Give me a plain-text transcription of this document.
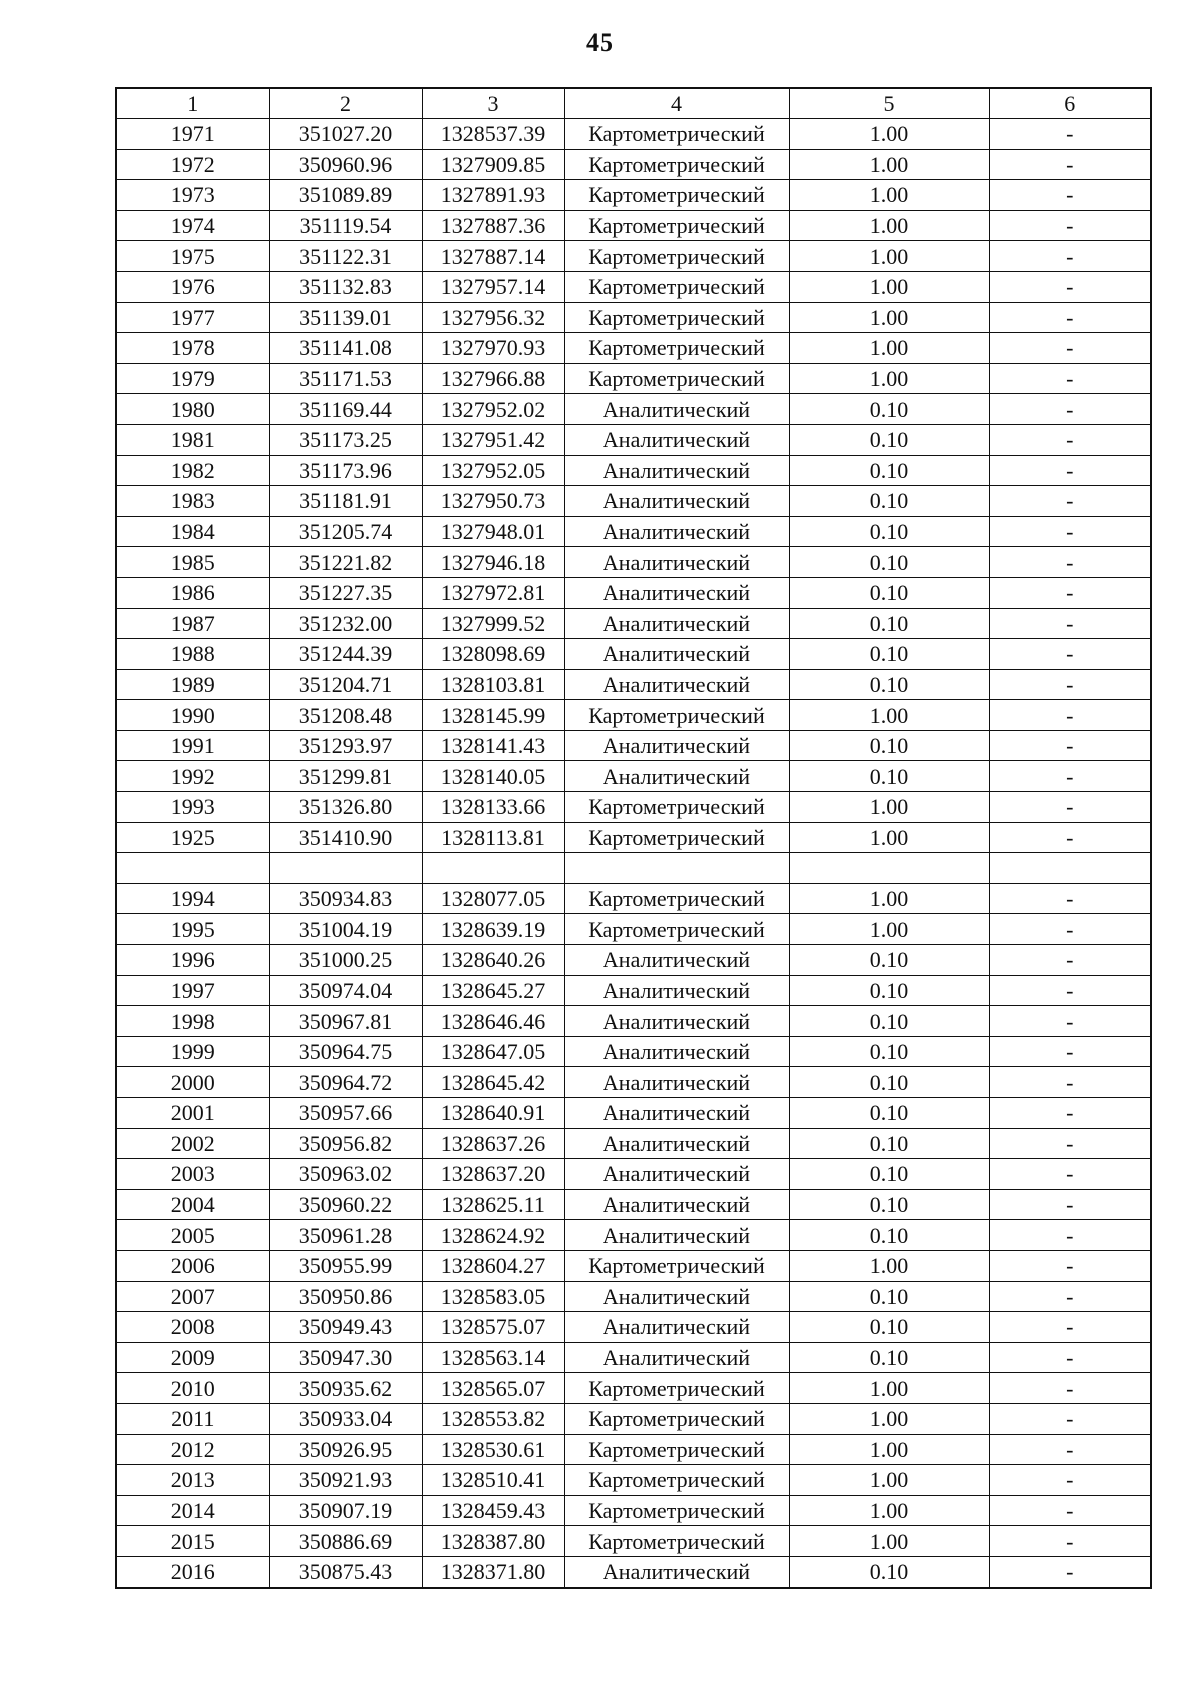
45
1	2	3	4	5	6
1971	351027.20	1328537.39	Картометрический	1.00	-
1972	350960.96	1327909.85	Картометрический	1.00	-
1973	351089.89	1327891.93	Картометрический	1.00	-
1974	351119.54	1327887.36	Картометрический	1.00	-
1975	351122.31	1327887.14	Картометрический	1.00	-
1976	351132.83	1327957.14	Картометрический	1.00	-
1977	351139.01	1327956.32	Картометрический	1.00	-
1978	351141.08	1327970.93	Картометрический	1.00	-
1979	351171.53	1327966.88	Картометрический	1.00	-
1980	351169.44	1327952.02	Аналитический	0.10	-
1981	351173.25	1327951.42	Аналитический	0.10	-
1982	351173.96	1327952.05	Аналитический	0.10	-
1983	351181.91	1327950.73	Аналитический	0.10	-
1984	351205.74	1327948.01	Аналитический	0.10	-
1985	351221.82	1327946.18	Аналитический	0.10	-
1986	351227.35	1327972.81	Аналитический	0.10	-
1987	351232.00	1327999.52	Аналитический	0.10	-
1988	351244.39	1328098.69	Аналитический	0.10	-
1989	351204.71	1328103.81	Аналитический	0.10	-
1990	351208.48	1328145.99	Картометрический	1.00	-
1991	351293.97	1328141.43	Аналитический	0.10	-
1992	351299.81	1328140.05	Аналитический	0.10	-
1993	351326.80	1328133.66	Картометрический	1.00	-
1925	351410.90	1328113.81	Картометрический	1.00	-

1994	350934.83	1328077.05	Картометрический	1.00	-
1995	351004.19	1328639.19	Картометрический	1.00	-
1996	351000.25	1328640.26	Аналитический	0.10	-
1997	350974.04	1328645.27	Аналитический	0.10	-
1998	350967.81	1328646.46	Аналитический	0.10	-
1999	350964.75	1328647.05	Аналитический	0.10	-
2000	350964.72	1328645.42	Аналитический	0.10	-
2001	350957.66	1328640.91	Аналитический	0.10	-
2002	350956.82	1328637.26	Аналитический	0.10	-
2003	350963.02	1328637.20	Аналитический	0.10	-
2004	350960.22	1328625.11	Аналитический	0.10	-
2005	350961.28	1328624.92	Аналитический	0.10	-
2006	350955.99	1328604.27	Картометрический	1.00	-
2007	350950.86	1328583.05	Аналитический	0.10	-
2008	350949.43	1328575.07	Аналитический	0.10	-
2009	350947.30	1328563.14	Аналитический	0.10	-
2010	350935.62	1328565.07	Картометрический	1.00	-
2011	350933.04	1328553.82	Картометрический	1.00	-
2012	350926.95	1328530.61	Картометрический	1.00	-
2013	350921.93	1328510.41	Картометрический	1.00	-
2014	350907.19	1328459.43	Картометрический	1.00	-
2015	350886.69	1328387.80	Картометрический	1.00	-
2016	350875.43	1328371.80	Аналитический	0.10	-
